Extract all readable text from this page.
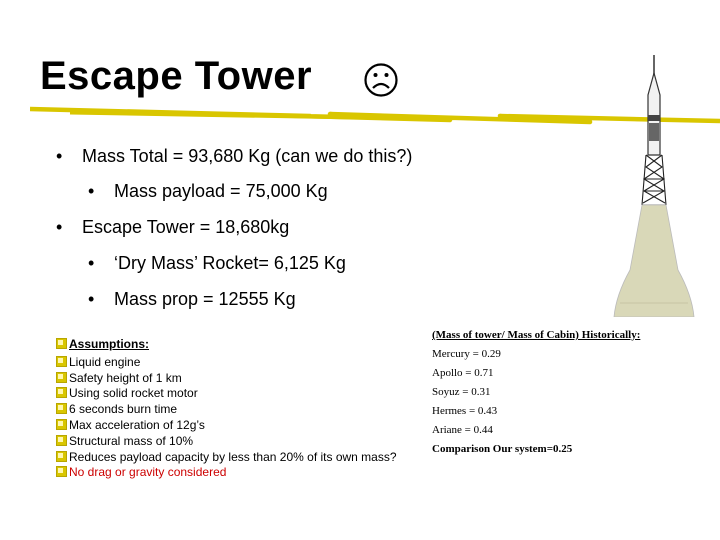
Escape Tower
• Mass Total = 93,680 Kg (can we do this?)
• Mass payload = 75,000 Kg
• Escape Tower = 18,680kg
• ‘Dry Mass’ Rocket= 6,125 Kg
• Mass prop = 12555 Kg
Assumptions:
Liquid engine
Safety height of 1 km
Using solid rocket motor
6 seconds burn time
Max acceleration of 12g’s
Structural mass of 10%
Reduces payload capacity by less than 20% of its own mass?
No drag or gravity considered
(Mass of tower/ Mass of Cabin) Historically:
Mercury = 0.29
Apollo = 0.71
Soyuz = 0.31
Hermes = 0.43
Ariane = 0.44
Comparison Our system=0.25
